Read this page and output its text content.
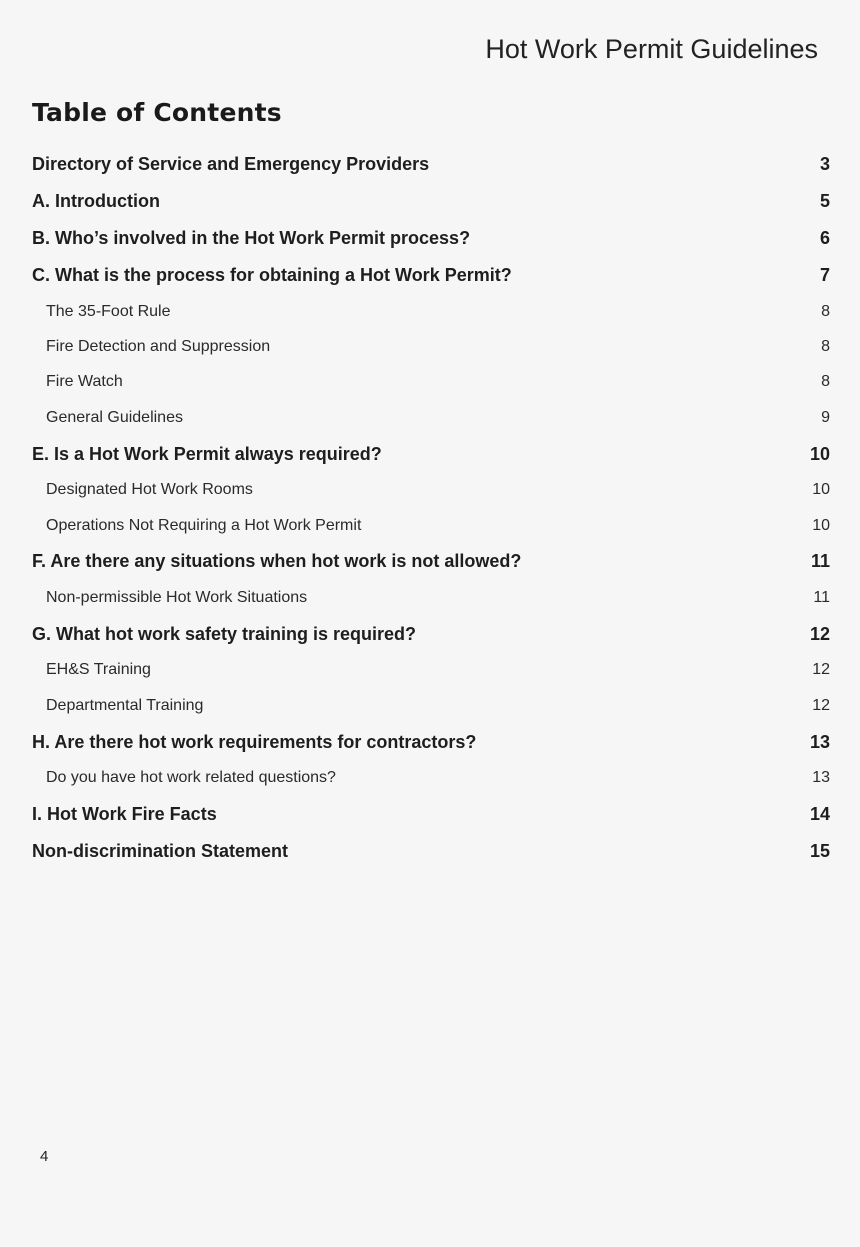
Hot Work Permit Guidelines
Table of Contents
Directory of Service and Emergency Providers	3
A. Introduction	5
B. Who’s involved in the Hot Work Permit process?	6
C. What is the process for obtaining a Hot Work Permit?	7
The 35-Foot Rule	8
Fire Detection and Suppression	8
Fire Watch	8
General Guidelines	9
E. Is a Hot Work Permit always required?	10
Designated Hot Work Rooms	10
Operations Not Requiring a Hot Work Permit	10
F. Are there any situations when hot work is not allowed?	11
Non-permissible Hot Work Situations	11
G. What hot work safety training is required?	12
EH&S Training	12
Departmental Training	12
H. Are there hot work requirements for contractors?	13
Do you have hot work related questions?	13
I. Hot Work Fire Facts	14
Non-discrimination Statement	15
4
